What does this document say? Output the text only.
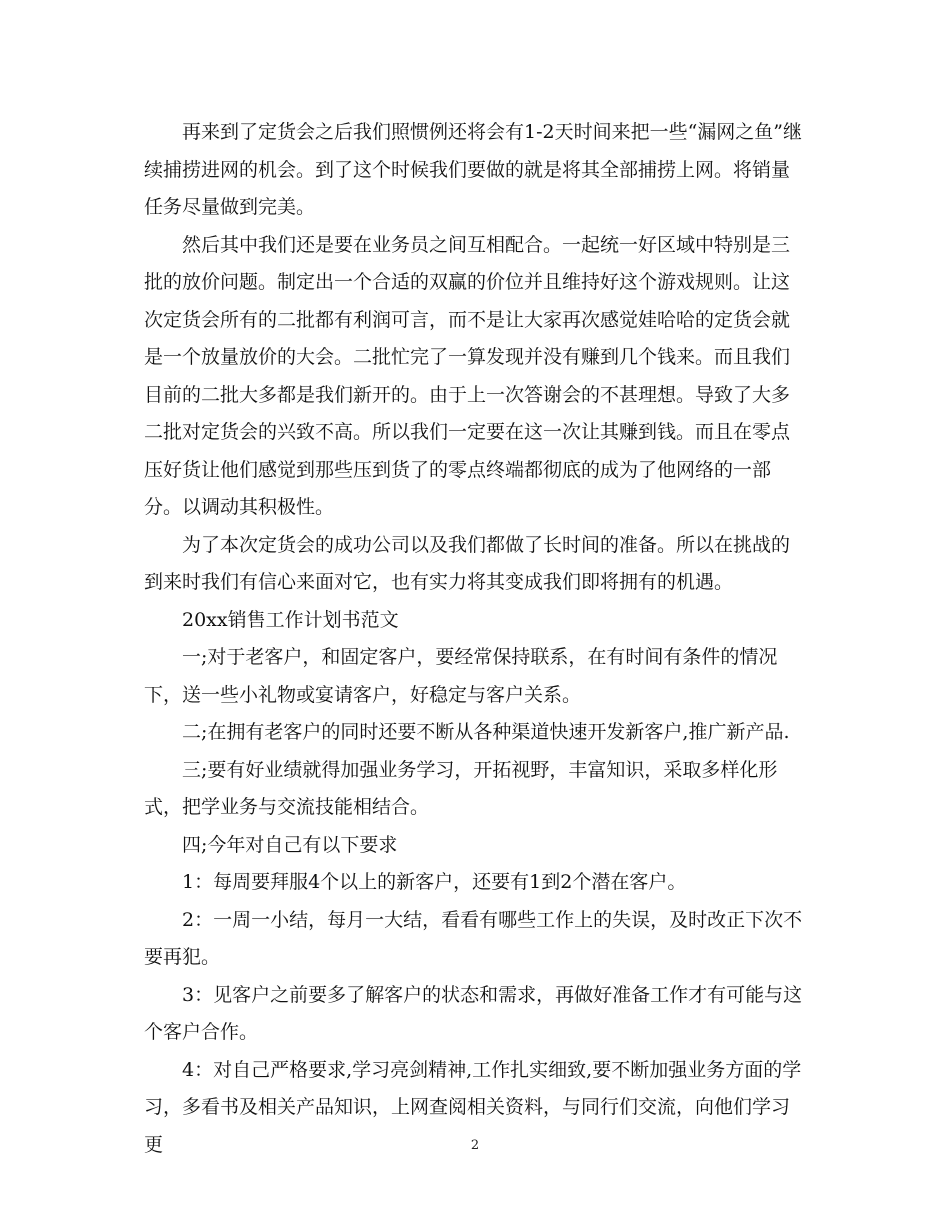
再来到了定货会之后我们照惯例还将会有1-2天时间来把一些“漏网之鱼”继续捕捞进网的机会。到了这个时候我们要做的就是将其全部捕捞上网。将销量任务尽量做到完美。

然后其中我们还是要在业务员之间互相配合。一起统一好区域中特别是三批的放价问题。制定出一个合适的双赢的价位并且维持好这个游戏规则。让这次定货会所有的二批都有利润可言，而不是让大家再次感觉娃哈哈的定货会就是一个放量放价的大会。二批忙完了一算发现并没有赚到几个钱来。而且我们目前的二批大多都是我们新开的。由于上一次答谢会的不甚理想。导致了大多二批对定货会的兴致不高。所以我们一定要在这一次让其赚到钱。而且在零点压好货让他们感觉到那些压到货了的零点终端都彻底的成为了他网络的一部分。以调动其积极性。

为了本次定货会的成功公司以及我们都做了长时间的准备。所以在挑战的到来时我们有信心来面对它，也有实力将其变成我们即将拥有的机遇。

20xx销售工作计划书范文

一;对于老客户，和固定客户，要经常保持联系，在有时间有条件的情况下，送一些小礼物或宴请客户，好稳定与客户关系。

二;在拥有老客户的同时还要不断从各种渠道快速开发新客户,推广新产品.

三;要有好业绩就得加强业务学习，开拓视野，丰富知识，采取多样化形式，把学业务与交流技能相结合。

四;今年对自己有以下要求

1：每周要拜服4个以上的新客户，还要有1到2个潜在客户。

2：一周一小结，每月一大结，看看有哪些工作上的失误，及时改正下次不要再犯。

3：见客户之前要多了解客户的状态和需求，再做好准备工作才有可能与这个客户合作。

4：对自己严格要求,学习亮剑精神,工作扎实细致,要不断加强业务方面的学习，多看书及相关产品知识，上网查阅相关资料，与同行们交流，向他们学习更	2
